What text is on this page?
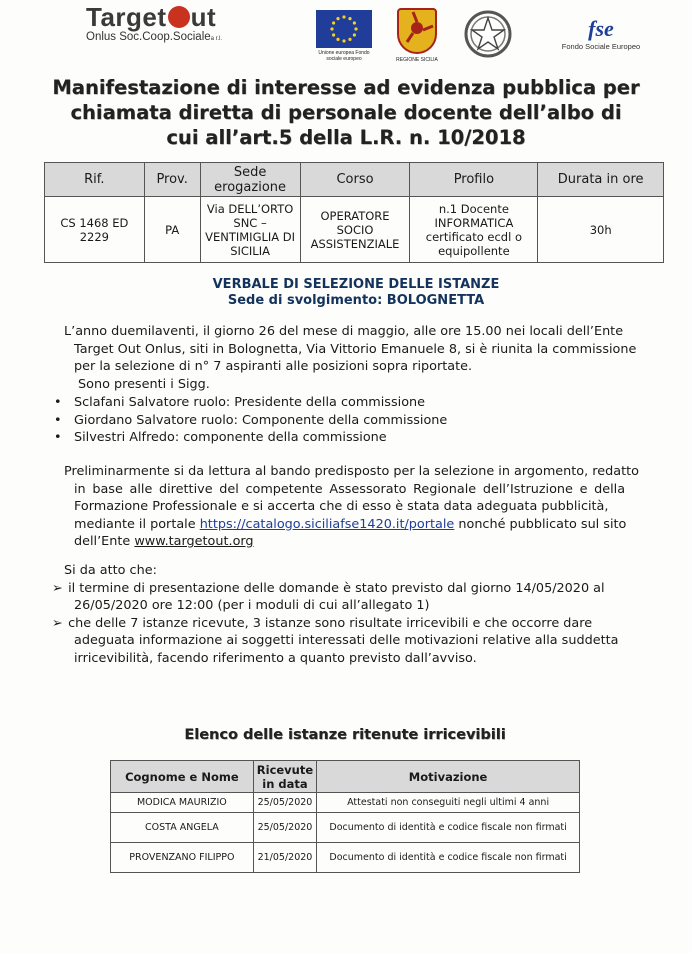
Target ut
Onlus Soc.Coop.Socialea r.l.
Unione europea Fondo sociale europeo	REGIONE SICILIA
fse
Fondo Sociale Europeo
Manifestazione di interesse ad evidenza pubblica per
chiamata diretta di personale docente dell’albo di
cui all’art.5 della L.R. n. 10/2018
Rif.	Prov.	Sede erogazione	Corso	Profilo	Durata in ore
CS 1468 ED 2229	PA	Via DELL’ORTO SNC – VENTIMIGLIA DI SICILIA	OPERATORE SOCIO ASSISTENZIALE	n.1 Docente INFORMATICA certificato ecdl o equipollente	30h
VERBALE DI SELEZIONE DELLE ISTANZE
Sede di svolgimento: BOLOGNETTA
L’anno duemilaventi, il giorno 26 del mese di maggio, alle ore 15.00 nei locali dell’Ente
Target Out Onlus, siti in Bolognetta, Via Vittorio Emanuele 8, si è riunita la commissione
per la selezione di n° 7 aspiranti alle posizioni sopra riportate.
Sono presenti i Sigg.
• Sclafani Salvatore ruolo: Presidente della commissione
• Giordano Salvatore ruolo: Componente della commissione
• Silvestri Alfredo: componente della commissione
Preliminarmente si da lettura al bando predisposto per la selezione in argomento, redatto
in base alle direttive del competente Assessorato Regionale dell’Istruzione e della
Formazione Professionale e si accerta che di esso è stata data adeguata pubblicità,
mediante il portale https://catalogo.siciliafse1420.it/portale nonché pubblicato sul sito
dell’Ente www.targetout.org
Si da atto che:
➢ il termine di presentazione delle domande è stato previsto dal giorno 14/05/2020 al
26/05/2020 ore 12:00 (per i moduli di cui all’allegato 1)
➢ che delle 7 istanze ricevute, 3 istanze sono risultate irricevibili e che occorre dare
adeguata informazione ai soggetti interessati delle motivazioni relative alla suddetta
irricevibilità, facendo riferimento a quanto previsto dall’avviso.
Elenco delle istanze ritenute irricevibili
Cognome e Nome	Ricevute in data	Motivazione
MODICA MAURIZIO	25/05/2020	Attestati non conseguiti negli ultimi 4 anni
COSTA ANGELA	25/05/2020	Documento di identità e codice fiscale non firmati
PROVENZANO FILIPPO	21/05/2020	Documento di identità e codice fiscale non firmati
